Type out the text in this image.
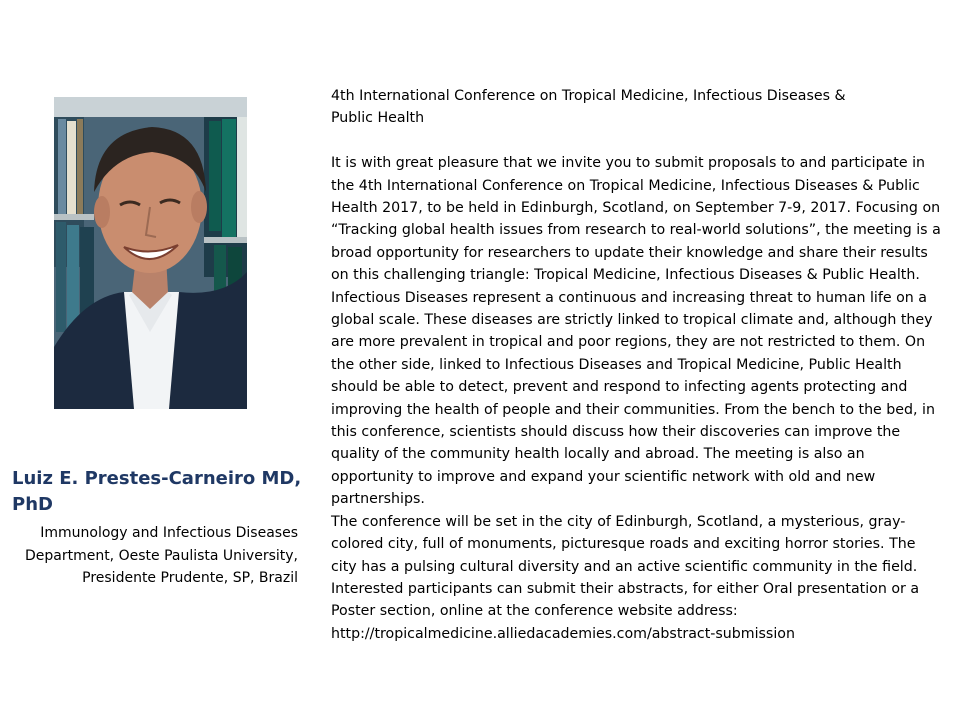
Luiz E. Prestes-Carneiro MD, PhD
Immunology and Infectious Diseases Department, Oeste Paulista University, Presidente Prudente, SP, Brazil

4th International Conference on Tropical Medicine, Infectious Diseases & Public Health

It is with great pleasure that we invite you to submit proposals to and participate in the 4th International Conference on Tropical Medicine, Infectious Diseases & Public Health 2017, to be held in Edinburgh, Scotland, on September 7-9, 2017. Focusing on “Tracking global health issues from research to real-world solutions”, the meeting is a broad opportunity for researchers to update their knowledge and share their results on this challenging triangle: Tropical Medicine, Infectious Diseases & Public Health. Infectious Diseases represent a continuous and increasing threat to human life on a global scale. These diseases are strictly linked to tropical climate and, although they are more prevalent in tropical and poor regions, they are not restricted to them. On the other side, linked to Infectious Diseases and Tropical Medicine, Public Health should be able to detect, prevent and respond to infecting agents protecting and improving the health of people and their communities. From the bench to the bed, in this conference, scientists should discuss how their discoveries can improve the quality of the community health locally and abroad. The meeting is also an opportunity to improve and expand your scientific network with old and new partnerships.

The conference will be set in the city of Edinburgh, Scotland, a mysterious, gray-colored city, full of monuments, picturesque roads and exciting horror stories. The city has a pulsing cultural diversity and an active scientific community in the field.

Interested participants can submit their abstracts, for either Oral presentation or a Poster section, online at the conference website address:

http://tropicalmedicine.alliedacademies.com/abstract-submission
